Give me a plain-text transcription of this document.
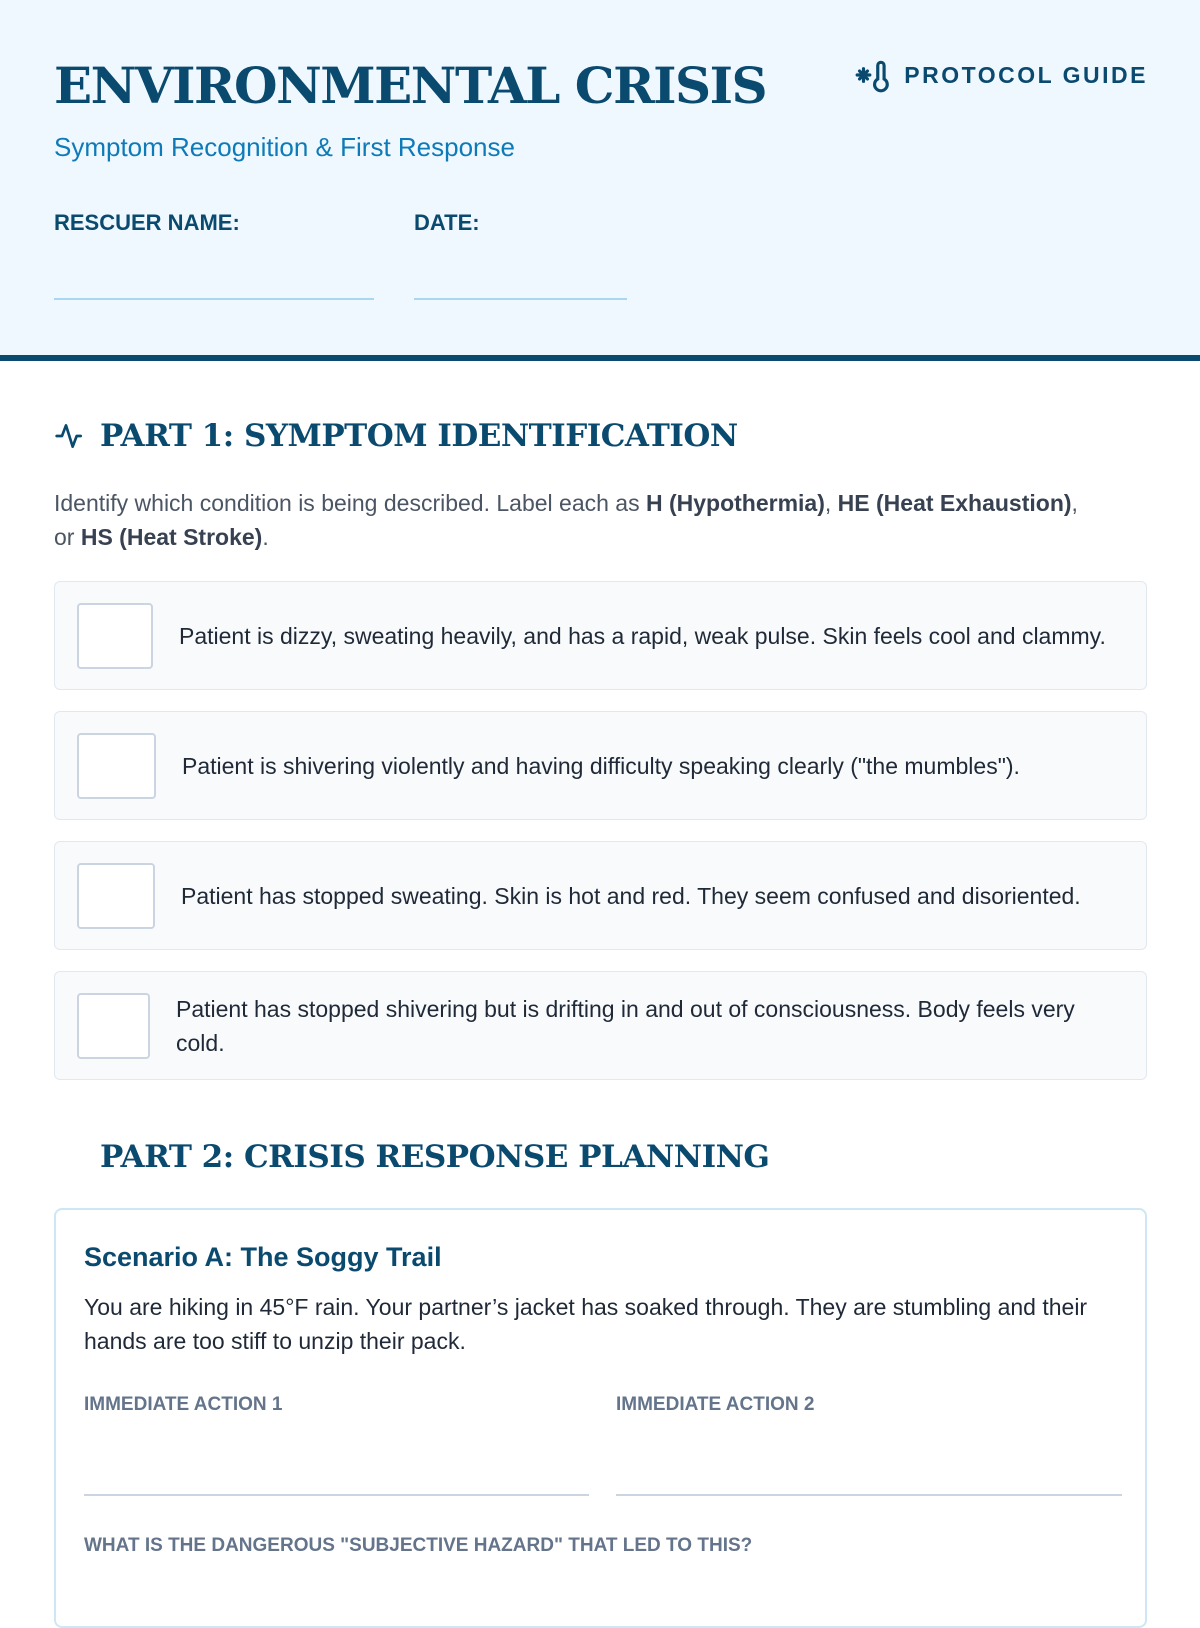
ENVIRONMENTAL CRISIS
Symptom Recognition & First Response
PROTOCOL GUIDE
RESCUER NAME:	DATE:
PART 1: SYMPTOM IDENTIFICATION
Identify which condition is being described. Label each as H (Hypothermia), HE (Heat Exhaustion), or HS (Heat Stroke).
Patient is dizzy, sweating heavily, and has a rapid, weak pulse. Skin feels cool and clammy.
Patient is shivering violently and having difficulty speaking clearly ("the mumbles").
Patient has stopped sweating. Skin is hot and red. They seem confused and disoriented.
Patient has stopped shivering but is drifting in and out of consciousness. Body feels very cold.
PART 2: CRISIS RESPONSE PLANNING
Scenario A: The Soggy Trail

You are hiking in 45°F rain. Your partner’s jacket has soaked through. They are stumbling and their hands are too stiff to unzip their pack.

IMMEDIATE ACTION 1	IMMEDIATE ACTION 2
WHAT IS THE DANGEROUS "SUBJECTIVE HAZARD" THAT LED TO THIS?
